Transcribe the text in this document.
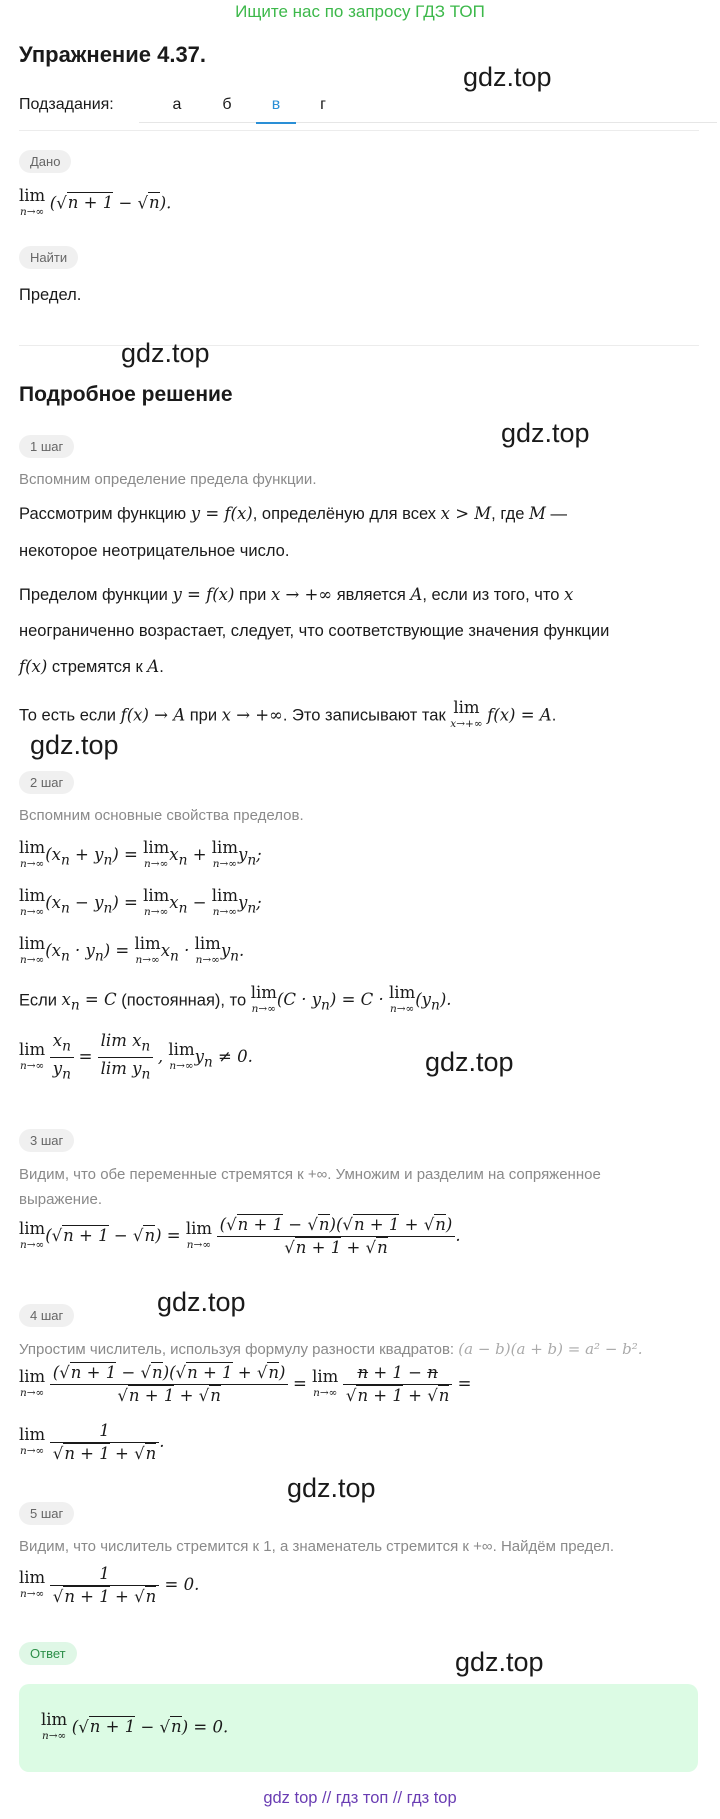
Ищите нас по запросу ГДЗ ТОП
Упражнение 4.37.
gdz.top
Подзадания:	а	б	в	г
Дано
lim
n→∞ (√n + 1 − √n).
Найти
Предел.
gdz.top
Подробное решение
gdz.top
1 шаг
Вспомним определение предела функции.
Рассмотрим функцию y = f(x), определёную для всех x > M, где M —
некоторое неотрицательное число.
Пределом функции y = f(x) при x → +∞ является A, если из того, что x
неограниченно возрастает, следует, что соответствующие значения функции
f(x) стремятся к A.
То есть если f(x) → A при x → +∞. Это записывают так lim
x→+∞ f(x) = A.
gdz.top
2 шаг
Вспомним основные свойства пределов.
lim
n→∞ $(x_n + y_n) = \lim$
n→∞ $x_n + \lim$
n→∞ $y_n$;
lim
n→∞ $(x_n - y_n) = \lim$
n→∞ $x_n - \lim$
n→∞ $y_n$;
lim
n→∞ $(x_n \cdot y_n) = \lim$
n→∞ $x_n \cdot \lim$
n→∞ $y_n$.
Если $x_n = C$ (постоянная), то lim
n→∞ $(C \cdot y_n) = C \cdot \lim$
n→∞ $(y_n)$.
lim
n→∞
$\frac{x_n}{y_n} = \frac{\lim x_n}{\lim y_n}$ , lim
n→∞ $y_n \ne 0$.	gdz.top
3 шаг
Видим, что обе переменные стремятся к +∞. Умножим и разделим на сопряженное
выражение.
lim
n→∞ (√n + 1 − √n) = lim
n→∞
$\frac{(√n + 1 - √n)(√n + 1 + √n)}{√n + 1 + √n}$ .
gdz.top
4 шаг
Упростим числитель, используя формулу разности квадратов: (a − b)(a + b) = a² − b².
lim
n→∞
$\frac{(√n + 1 - √n)(√n + 1 + √n)}{√n + 1 + √n} = \lim$
n→∞
$\frac{n + 1 - n}{√n + 1 + √n}$ =
lim
n→∞
$\frac{1}{√n + 1 + √n}$ .
gdz.top
5 шаг
Видим, что числитель стремится к 1, а знаменатель стремится к +∞. Найдём предел.
lim
n→∞
$\frac{1}{√n + 1 + √n} = 0$.
Ответ	gdz.top
lim
n→∞ (√n + 1 − √n) = 0.
gdz top // гдз топ // гдз top
